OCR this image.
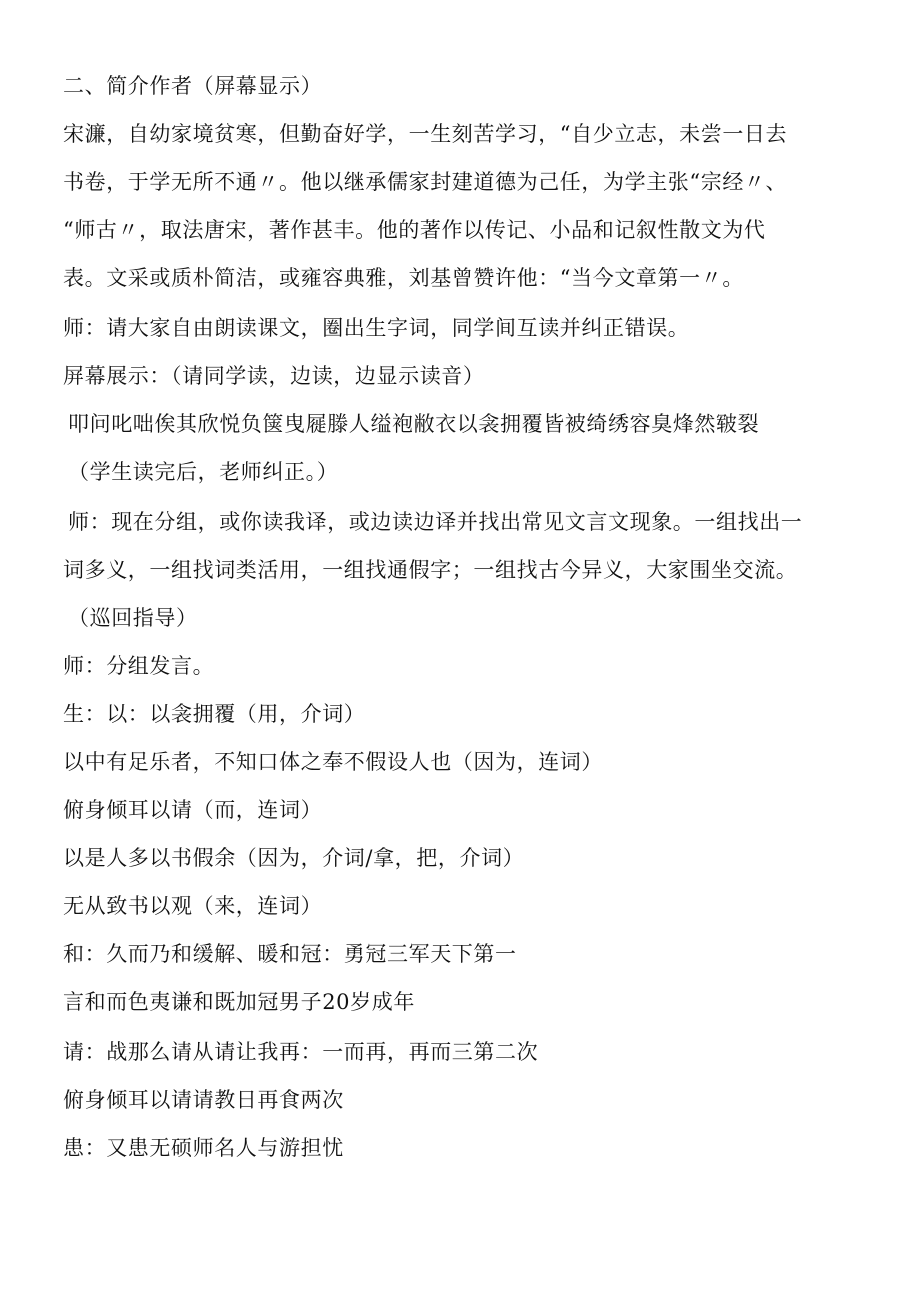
二、简介作者（屏幕显示）
宋濂，自幼家境贫寒，但勤奋好学，一生刻苦学习，“自少立志，未尝一日去
书卷，于学无所不通〃。他以继承儒家封建道德为己任，为学主张“宗经〃、
“师古〃，取法唐宋，著作甚丰。他的著作以传记、小品和记叙性散文为代
表。文采或质朴简洁，或雍容典雅，刘基曾赞许他：“当今文章第一〃。
师：请大家自由朗读课文，圈出生字词，同学间互读并纠正错误。
屏幕展示：（请同学读，边读，边显示读音）
叩问叱咄俟其欣悦负箧曳屣滕人缢袍敝衣以衾拥覆皆被绮绣容臭烽然皲裂
（学生读完后，老师纠正。）
师：现在分组，或你读我译，或边读边译并找出常见文言文现象。一组找出一
词多义，一组找词类活用，一组找通假字；一组找古今异义，大家围坐交流。
（巡回指导）
师：分组发言。
生：以：以衾拥覆（用，介词）
以中有足乐者，不知口体之奉不假设人也（因为，连词）
俯身倾耳以请（而，连词）
以是人多以书假余（因为，介词/拿，把，介词）
无从致书以观（来，连词）
和：久而乃和缓解、暖和冠：勇冠三军天下第一
言和而色夷谦和既加冠男子20岁成年
请：战那么请从请让我再：一而再，再而三第二次
俯身倾耳以请请教日再食两次
患：又患无硕师名人与游担忧
